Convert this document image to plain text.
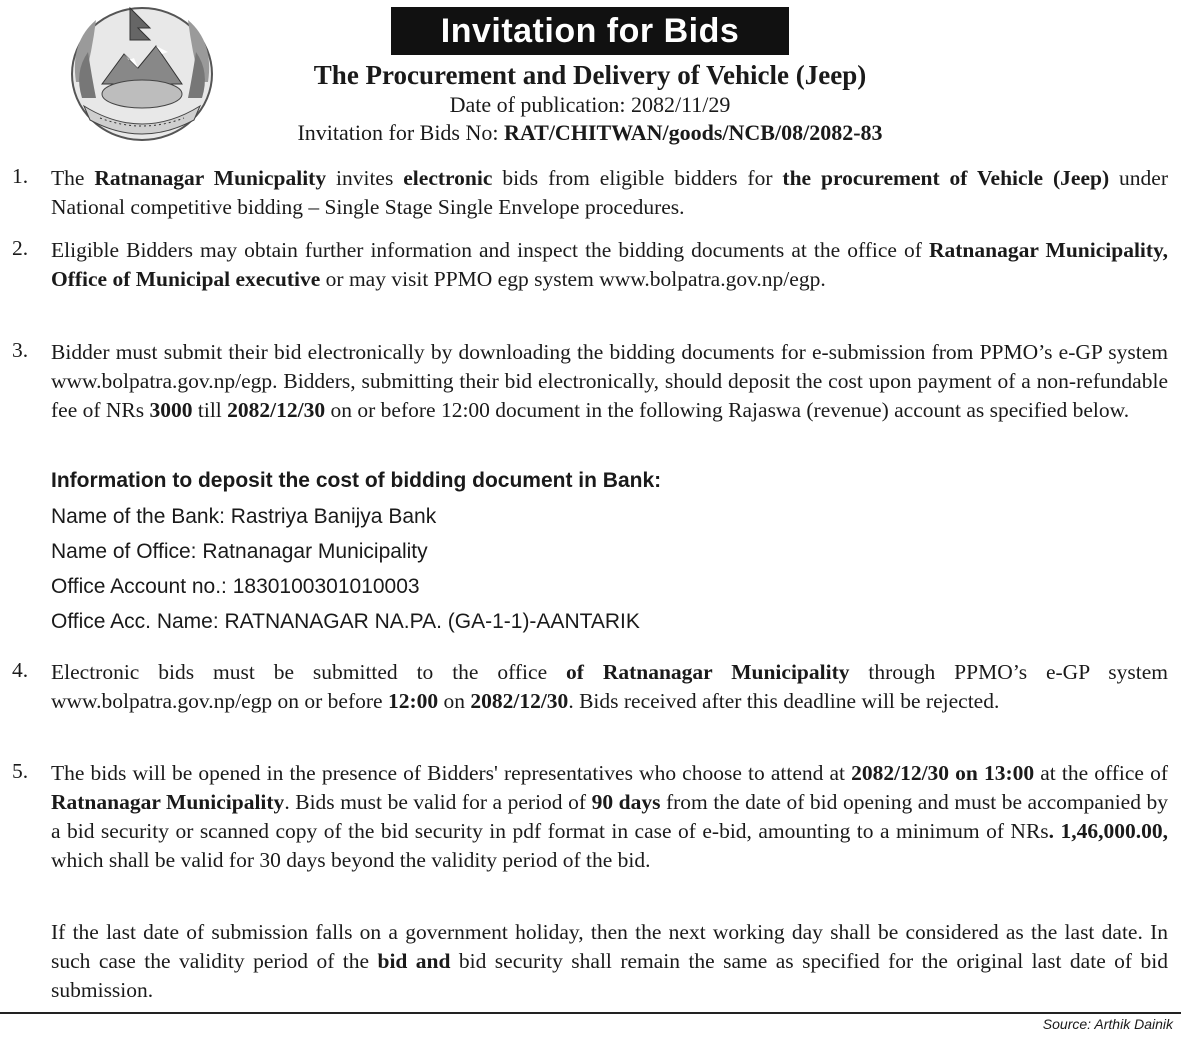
Invitation for Bids
The Procurement and Delivery of Vehicle (Jeep)
Date of publication: 2082/11/29
Invitation for Bids No: RAT/CHITWAN/goods/NCB/08/2082-83
1. The Ratnanagar Municpality invites electronic bids from eligible bidders for the procurement of Vehicle (Jeep) under National competitive bidding – Single Stage Single Envelope procedures.
2. Eligible Bidders may obtain further information and inspect the bidding documents at the office of Ratnanagar Municipality, Office of Municipal executive or may visit PPMO egp system www.bolpatra.gov.np/egp.
3. Bidder must submit their bid electronically by downloading the bidding documents for e-submission from PPMO’s e-GP system www.bolpatra.gov.np/egp. Bidders, submitting their bid electronically, should deposit the cost upon payment of a non-refundable fee of NRs 3000 till 2082/12/30 on or before 12:00 document in the following Rajaswa (revenue) account as specified below.
Information to deposit the cost of bidding document in Bank:
Name of the Bank: Rastriya Banijya Bank
Name of Office: Ratnanagar Municipality
Office Account no.: 1830100301010003
Office Acc. Name: RATNANAGAR NA.PA. (GA-1-1)-AANTARIK
4. Electronic bids must be submitted to the office of Ratnanagar Municipality through PPMO’s e-GP system www.bolpatra.gov.np/egp on or before 12:00 on 2082/12/30. Bids received after this deadline will be rejected.
5. The bids will be opened in the presence of Bidders' representatives who choose to attend at 2082/12/30 on 13:00 at the office of Ratnanagar Municipality. Bids must be valid for a period of 90 days from the date of bid opening and must be accompanied by a bid security or scanned copy of the bid security in pdf format in case of e-bid, amounting to a minimum of NRs. 1,46,000.00, which shall be valid for 30 days beyond the validity period of the bid.
If the last date of submission falls on a government holiday, then the next working day shall be considered as the last date. In such case the validity period of the bid and bid security shall remain the same as specified for the original last date of bid submission.
Source: Arthik Dainik
